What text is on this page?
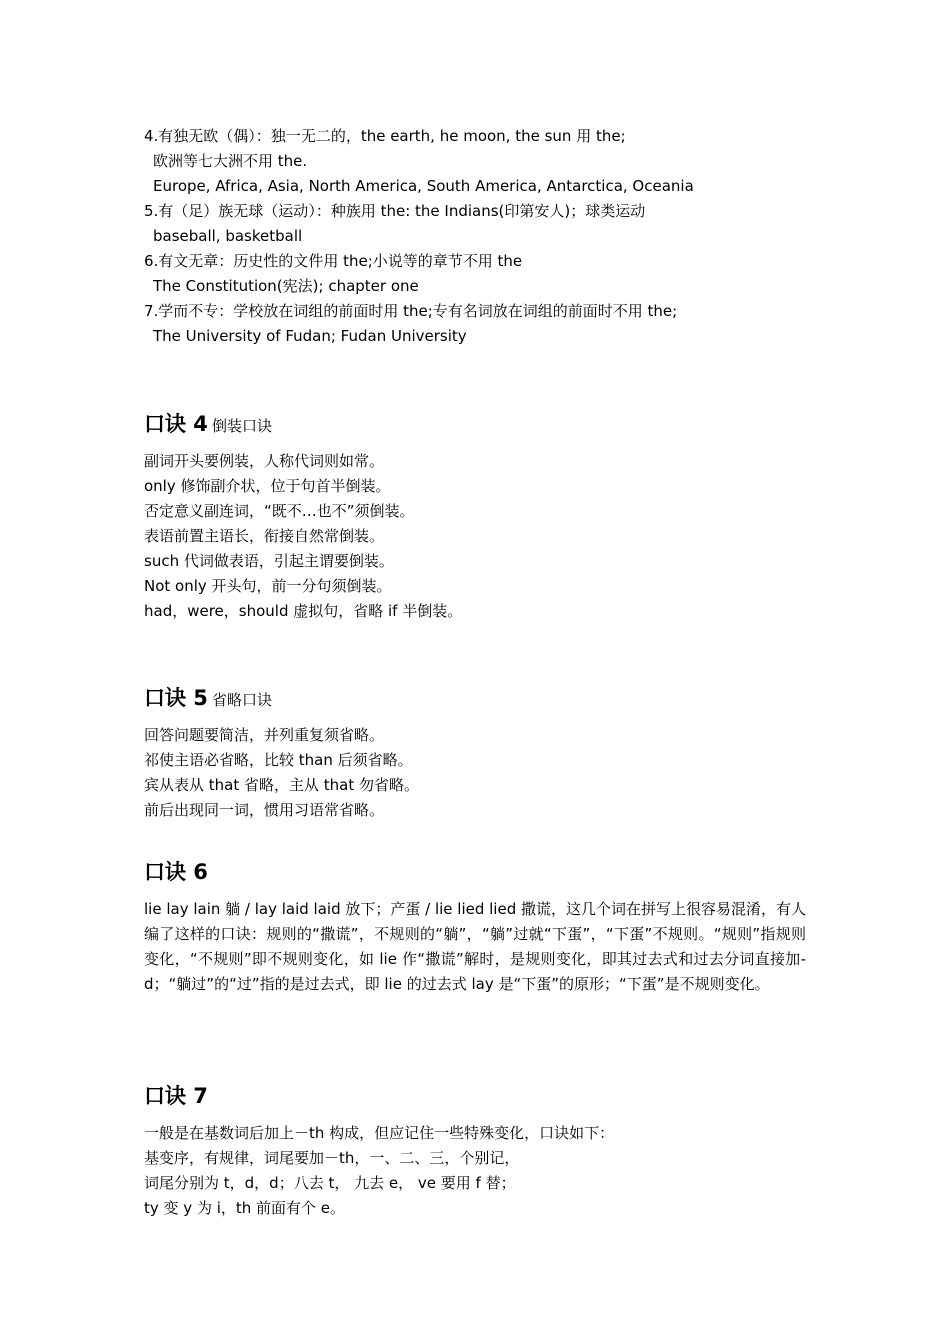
4.有独无欧（偶）：独一无二的，the earth, he moon, the sun 用 the;
欧洲等七大洲不用 the.
Europe, Africa, Asia, North America, South America, Antarctica, Oceania
5.有（足）族无球（运动）：种族用 the: the Indians(印第安人)；球类运动
baseball, basketball
6.有文无章：历史性的文件用 the;小说等的章节不用 the
The Constitution(宪法); chapter one
7.学而不专：学校放在词组的前面时用 the;专有名词放在词组的前面时不用 the;
The University of Fudan; Fudan University
口诀 4 倒装口诀
副词开头要例装，人称代词则如常。
only 修饰副介状，位于句首半倒装。
否定意义副连词，“既不…也不”须倒装。
表语前置主语长，衔接自然常倒装。
such 代词做表语，引起主谓要倒装。
Not only 开头句，前一分句须倒装。
had，were，should 虚拟句，省略 if 半倒装。
口诀 5 省略口诀
回答问题要简洁，并列重复须省略。
祁使主语必省略，比较 than 后须省略。
宾从表从 that 省略，主从 that 勿省略。
前后出现同一词，惯用习语常省略。
口诀 6
lie lay lain 躺 / lay laid laid 放下；产蛋 / lie lied lied 撒谎，这几个词在拼写上很容易混淆，有人编了这样的口诀：规则的“撒谎”，不规则的“躺”，“躺”过就“下蛋”，“下蛋”不规则。“规则”指规则变化，“不规则”即不规则变化，如 lie 作“撒谎”解时，是规则变化，即其过去式和过去分词直接加-d；“躺过”的“过”指的是过去式，即 lie 的过去式 lay 是“下蛋”的原形；“下蛋”是不规则变化。
口诀 7
一般是在基数词后加上－th 构成，但应记住一些特殊变化，口诀如下：
基变序，有规律，词尾要加－th，一、二、三，个别记，
词尾分别为 t，d，d；八去 t， 九去 e， ve 要用 f 替；
ty 变 y 为 i，th 前面有个 e。
